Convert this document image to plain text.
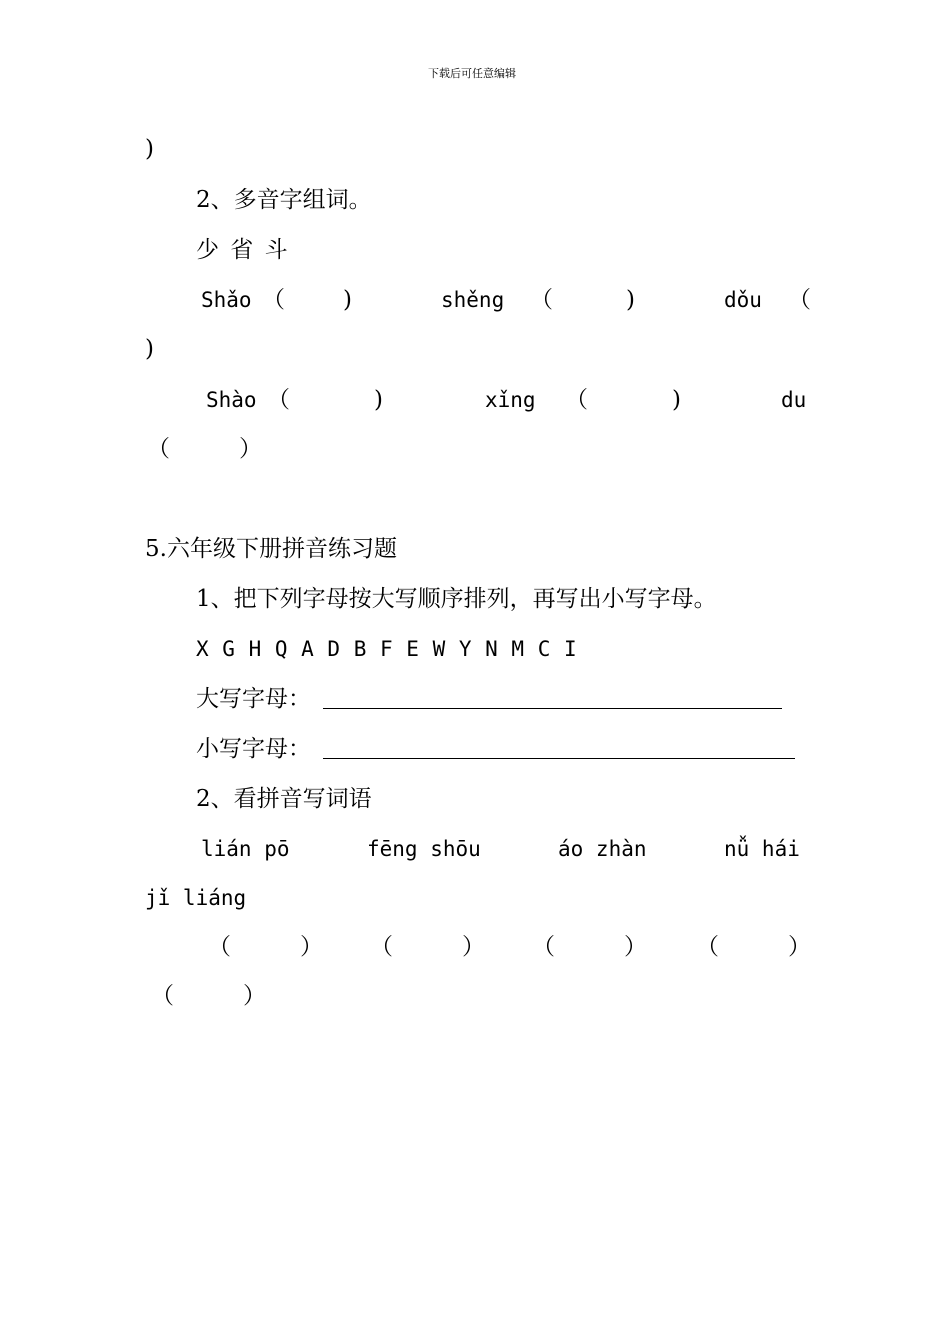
下载后可任意编辑
)
2、多音字组词。
少 省 斗
Shǎo （	)	shěng （	)	dǒu （
)
Shào （	)	xǐng （	)	du
（　　　）
5.六年级下册拼音练习题
1、把下列字母按大写顺序排列，再写出小写字母。
X G H Q A D B F E W Y N M C I
大写字母：
小写字母：
2、看拼音写词语
lián pō	fēng shōu	áo zhàn	nǚ hái
jǐ liáng
（　　　） （　　　） （　　　） （　　　）
（　　　）
